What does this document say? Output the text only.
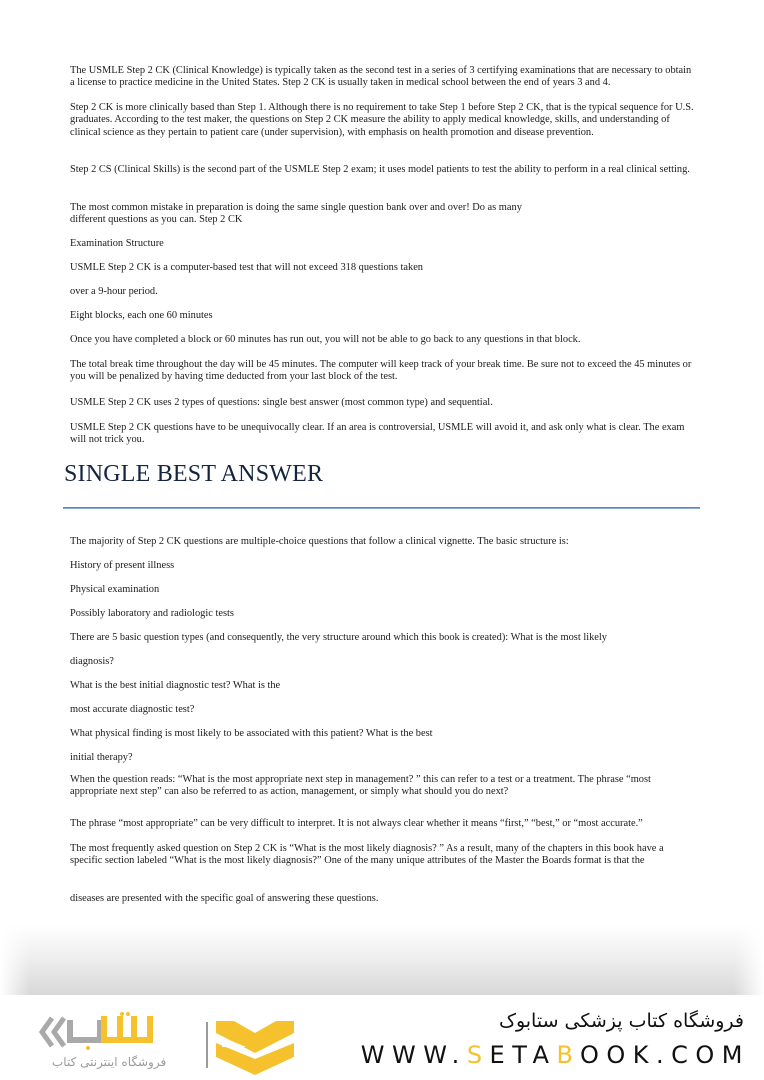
The USMLE Step 2 CK (Clinical Knowledge) is typically taken as the second test in a series of 3 certifying examinations that are necessary to obtain a license to practice medicine in the United States. Step 2 CK is usually taken in medical school between the end of years 3 and 4.

Step 2 CK is more clinically based than Step 1. Although there is no requirement to take Step 1 before Step 2 CK, that is the typical sequence for U.S. graduates. According to the test maker, the questions on Step 2 CK measure the ability to apply medical knowledge, skills, and understanding of clinical science as they pertain to patient care (under supervision), with emphasis on health promotion and disease prevention.

Step 2 CS (Clinical Skills) is the second part of the USMLE Step 2 exam; it uses model patients to test the ability to perform in a real clinical setting.

The most common mistake in preparation is doing the same single question bank over and over! Do as many

different questions as you can. Step 2 CK

Examination Structure

USMLE Step 2 CK is a computer-based test that will not exceed 318 questions taken

over a 9-hour period.

Eight blocks, each one 60 minutes

Once you have completed a block or 60 minutes has run out, you will not be able to go back to any questions in that block.

The total break time throughout the day will be 45 minutes. The computer will keep track of your break time. Be sure not to exceed the 45 minutes or you will be penalized by having time deducted from your last block of the test.

USMLE Step 2 CK uses 2 types of questions: single best answer (most common type) and sequential.

USMLE Step 2 CK questions have to be unequivocally clear. If an area is controversial, USMLE will avoid it, and ask only what is clear. The exam will not trick you.

SINGLE BEST ANSWER

The majority of Step 2 CK questions are multiple-choice questions that follow a clinical vignette. The basic structure is:

History of present illness

Physical examination

Possibly laboratory and radiologic tests

There are 5 basic question types (and consequently, the very structure around which this book is created): What is the most likely

diagnosis?

What is the best initial diagnostic test? What is the

most accurate diagnostic test?

What physical finding is most likely to be associated with this patient? What is the best

initial therapy?

When the question reads: “What is the most appropriate next step in management? ” this can refer to a test or a treatment. The phrase “most appropriate next step” can also be referred to as action, management, or simply what should you do next?

The phrase “most appropriate” can be very difficult to interpret. It is not always clear whether it means “first,” “best,” or “most accurate.”

The most frequently asked question on Step 2 CK is “What is the most likely diagnosis? ” As a result, many of the chapters in this book have a specific section labeled “What is the most likely diagnosis?” One of the many unique attributes of the Master the Boards format is that the

diseases are presented with the specific goal of answering these questions.

فروشگاه اینترنتی کتاب
فروشگاه کتاب پزشکی ستابوک
WWW.SETABOOK.COM
